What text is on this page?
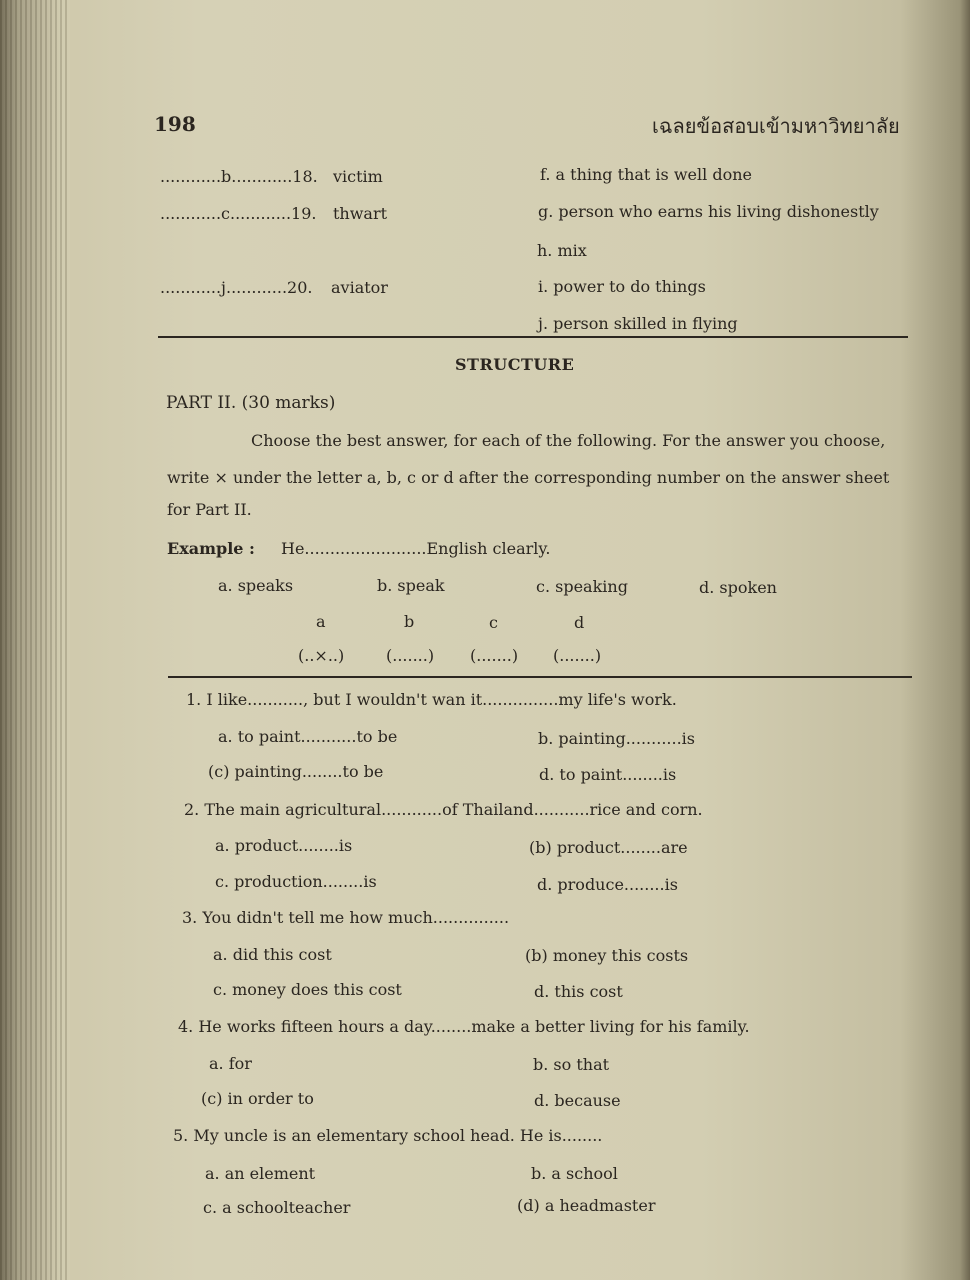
198	เฉลยข้อสอบเข้ามหาวิทยาลัย
............b............18. victim
............c............19. thwart
............j............20. aviator
f. a thing that is well done
g. person who earns his living dishonestly
h. mix
i. power to do things
j. person skilled in flying
STRUCTURE
PART II. (30 marks)
Choose the best answer, for each of the following. For the answer you choose,
write × under the letter a, b, c or d after the corresponding number on the answer sheet
for Part II.
Example : He........................English clearly.
a. speaks	b. speak	c. speaking	d. spoken
a	b	c	d
(..×..)	(.......) (.......) (.......)
1. I like..........., but I wouldn't wan it...............my life's work.
a. to paint...........to be	b. painting...........is
(c) painting........to be	d. to paint........is
2. The main agricultural............of Thailand...........rice and corn.
a. product........is	(b) product........are
c. production........is	d. produce........is
3. You didn't tell me how much...............
a. did this cost	(b) money this costs
c. money does this cost	d. this cost
4. He works fifteen hours a day........make a better living for his family.
a. for	b. so that
(c) in order to	d. because
5. My uncle is an elementary school head. He is........
a. an element	b. a school
c. a schoolteacher	(d) a headmaster
